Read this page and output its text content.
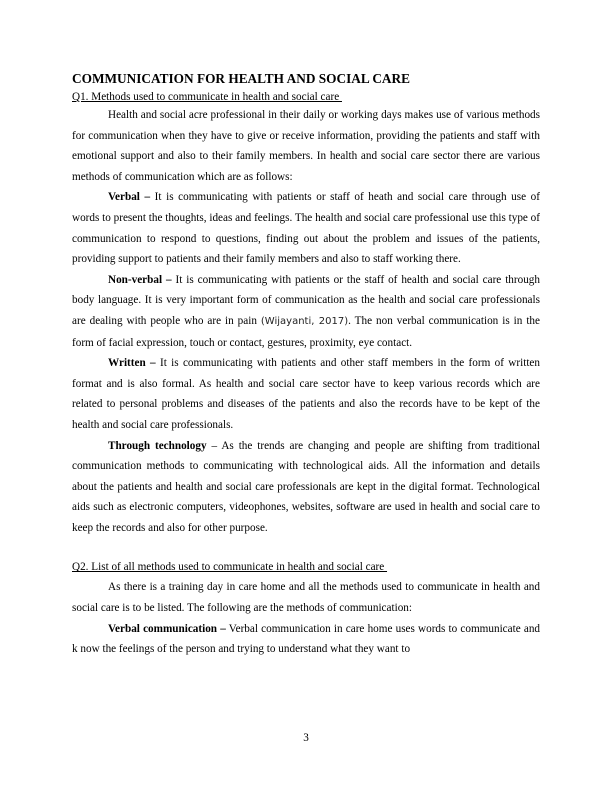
COMMUNICATION FOR HEALTH AND SOCIAL CARE
Q1. Methods used to communicate in health and social care

Health and social acre professional in their daily or working days makes use of various methods for communication when they have to give or receive information, providing the patients and staff with emotional support and also to their family members. In health and social care sector there are various methods of communication which are as follows:

Verbal – It is communicating with patients or staff of heath and social care through use of words to present the thoughts, ideas and feelings. The health and social care professional use this type of communication to respond to questions, finding out about the problem and issues of the patients, providing support to patients and their family members and also to staff working there.

Non-verbal – It is communicating with patients or the staff of health and social care through body language. It is very important form of communication as the health and social care professionals are dealing with people who are in pain (Wijayanti, 2017). The non verbal communication is in the form of facial expression, touch or contact, gestures, proximity, eye contact.

Written – It is communicating with patients and other staff members in the form of written format and is also formal. As health and social care sector have to keep various records which are related to personal problems and diseases of the patients and also the records have to be kept of the health and social care professionals.

Through technology – As the trends are changing and people are shifting from traditional communication methods to communicating with technological aids. All the information and details about the patients and health and social care professionals are kept in the digital format. Technological aids such as electronic computers, videophones, websites, software are used in health and social care to keep the records and also for other purpose.

Q2. List of all methods used to communicate in health and social care

As there is a training day in care home and all the methods used to communicate in health and social care is to be listed. The following are the methods of communication:

Verbal communication – Verbal communication in care home uses words to communicate and k now the feelings of the person and trying to understand what they want to

3
